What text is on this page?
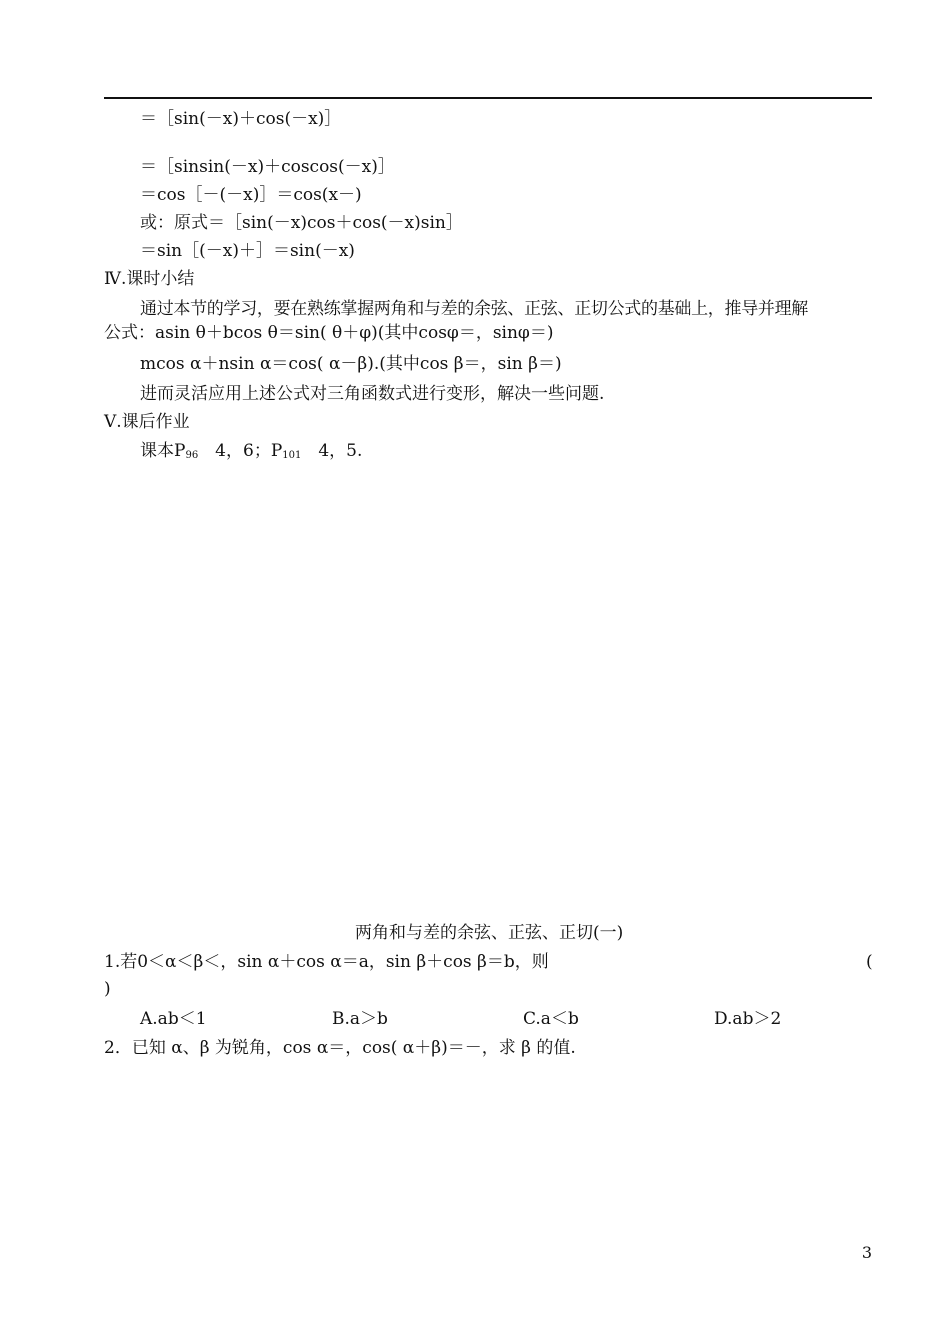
＝［sin(－x)＋cos(－x)］
＝［sinsin(－x)＋coscos(－x)］
＝cos［－(－x)］＝cos(x－)
或：原式＝［sin(－x)cos＋cos(－x)sin］
＝sin［(－x)＋］＝sin(－x)
Ⅳ.课时小结
通过本节的学习，要在熟练掌握两角和与差的余弦、正弦、正切公式的基础上，推导并理解
公式：asin θ＋bcos θ＝sin( θ＋φ)(其中cosφ＝，sinφ＝)
mcos α＋nsin α＝cos( α－β).(其中cos β＝，sin β＝)
进而灵活应用上述公式对三角函数式进行变形，解决一些问题.
Ⅴ.课后作业
课本$P_{96}$　4，6；$P_{101}$　4，5.
两角和与差的余弦、正弦、正切(一)
1.若0＜α＜β＜，sin α＋cos α＝a，sin β＋cos β＝b，则	(
)
A.ab＜1	B.a＞b	C.a＜b	D.ab＞2
2．已知 α、β 为锐角，cos α＝，cos( α＋β)＝－，求 β 的值.
3
